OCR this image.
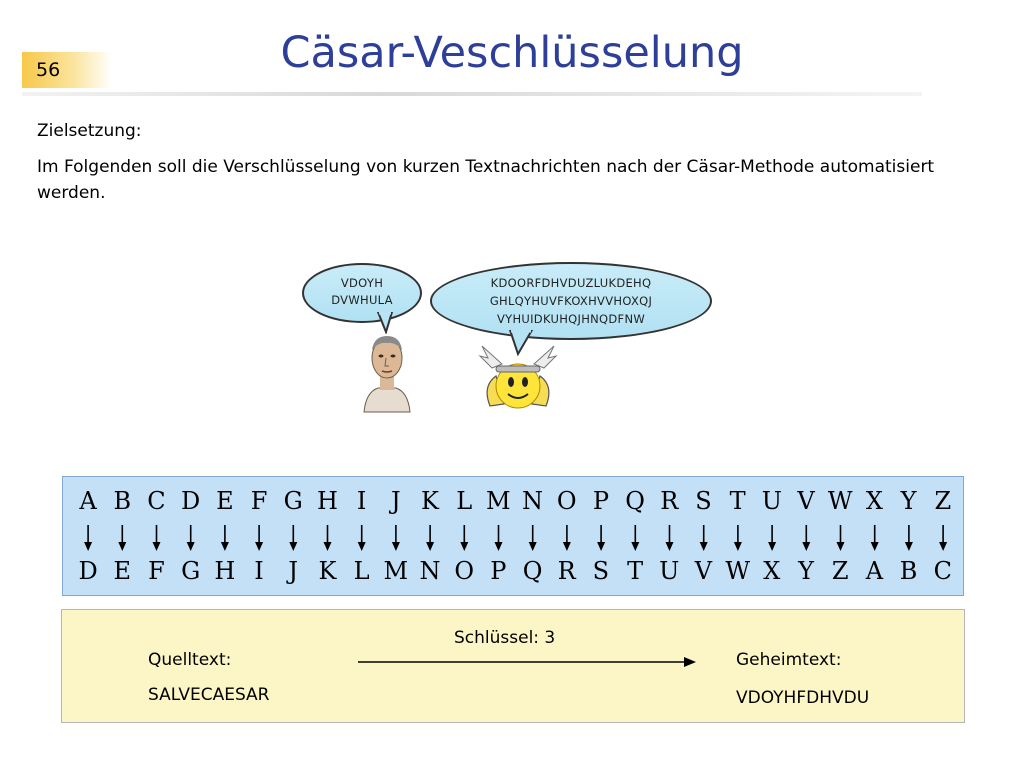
56	Cäsar-Veschlüsselung
Zielsetzung:
Im Folgenden soll die Verschlüsselung von kurzen Textnachrichten nach der Cäsar-Methode automatisiert werden.
VDOYH
DVWHULA
KDOORFDHVDUZLUKDEHQ
GHLQYHUVFKOXHVVHOXQJ
VYHUIDKUHQJHNQDFNW
A B C D E F G H I	J K L M N O P Q R S T U V W X Y Z
D E F G H I	J K L M N O P Q R S T U V W X Y Z A B C
Schlüssel: 3
Quelltext:
SALVECAESAR
Geheimtext:
VDOYHFDHVDU
